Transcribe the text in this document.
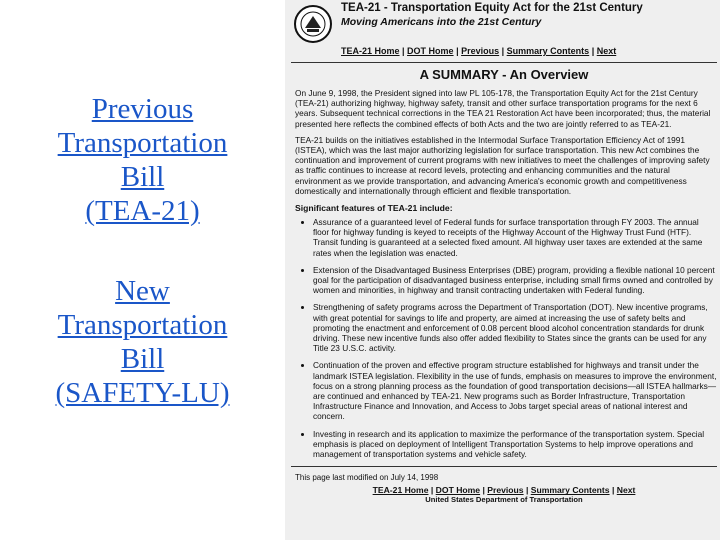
Previous
Transportation
Bill
(TEA-21)
New
Transportation
Bill
(SAFETY-LU)
TEA-21 - Transportation Equity Act for the 21st Century
Moving Americans into the 21st Century
TEA-21 Home | DOT Home | Previous | Summary Contents | Next
A SUMMARY - An Overview
On June 9, 1998, the President signed into law PL 105-178, the Transportation Equity Act for the 21st Century (TEA-21) authorizing highway, highway safety, transit and other surface transportation programs for the next 6 years. Subsequent technical corrections in the TEA 21 Restoration Act have been incorporated; thus, the material presented here reflects the combined effects of both Acts and the two are jointly referred to as TEA-21.
TEA-21 builds on the initiatives established in the Intermodal Surface Transportation Efficiency Act of 1991 (ISTEA), which was the last major authorizing legislation for surface transportation. This new Act combines the continuation and improvement of current programs with new initiatives to meet the challenges of improving safety as traffic continues to increase at record levels, protecting and enhancing communities and the natural environment as we provide transportation, and advancing America's economic growth and competitiveness domestically and internationally through efficient and flexible transportation.
Significant features of TEA-21 include:
• Assurance of a guaranteed level of Federal funds for surface transportation through FY 2003. The annual floor for highway funding is keyed to receipts of the Highway Account of the Highway Trust Fund (HTF). Transit funding is guaranteed at a selected fixed amount. All highway user taxes are extended at the same rates when the legislation was enacted.
• Extension of the Disadvantaged Business Enterprises (DBE) program, providing a flexible national 10 percent goal for the participation of disadvantaged business enterprise, including small firms owned and controlled by women and minorities, in highway and transit contracting undertaken with Federal funding.
• Strengthening of safety programs across the Department of Transportation (DOT). New incentive programs, with great potential for savings to life and property, are aimed at increasing the use of safety belts and promoting the enactment and enforcement of 0.08 percent blood alcohol concentration standards for drunk driving. These new incentive funds also offer added flexibility to States since the grants can be used for any Title 23 U.S.C. activity.
• Continuation of the proven and effective program structure established for highways and transit under the landmark ISTEA legislation. Flexibility in the use of funds, emphasis on measures to improve the environment, focus on a strong planning process as the foundation of good transportation decisions—all ISTEA hallmarks—are continued and enhanced by TEA-21. New programs such as Border Infrastructure, Transportation Infrastructure Finance and Innovation, and Access to Jobs target special areas of national interest and concern.
• Investing in research and its application to maximize the performance of the transportation system. Special emphasis is placed on deployment of Intelligent Transportation Systems to help improve operations and management of transportation systems and vehicle safety.
This page last modified on July 14, 1998
TEA-21 Home | DOT Home | Previous | Summary Contents | Next
United States Department of Transportation
